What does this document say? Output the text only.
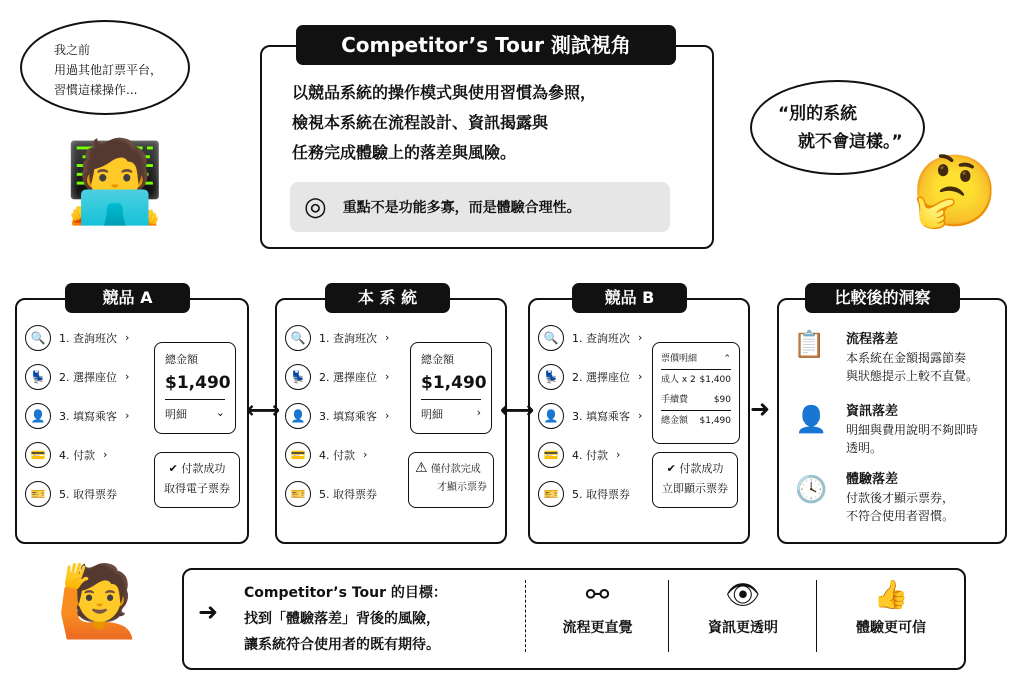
我之前
用過其他訂票平台，
習慣這樣操作...
🧑‍💻
Competitor’s Tour 測試視角
以競品系統的操作模式與使用習慣為參照，
檢視本系統在流程設計、資訊揭露與
任務完成體驗上的落差與風險。
◎ 重點不是功能多寡，而是體驗合理性。
“別的系統
就不會這樣。”
🤔
競品 A	本 系 統	競品 B	比較後的洞察
🔍	1. 查詢班次 ›
💺	2. 選擇座位 ›
👤	3. 填寫乘客 ›
💳	4. 付款 ›
🎫	5. 取得票券
🔍	1. 查詢班次 ›
💺	2. 選擇座位 ›
👤	3. 填寫乘客 ›
💳	4. 付款 ›
🎫	5. 取得票券
🔍	1. 查詢班次 ›
💺	2. 選擇座位 ›
👤	3. 填寫乘客 ›
💳	4. 付款 ›
🎫	5. 取得票券
總金額
$1,490
明細	⌄
✔ 付款成功
取得電子票券
總金額
$1,490
明細	›
⚠ 僅付款完成
才顯示票券
票價明細	⌃
成人 x 2 $1,400
手續費	$90
總金額 $1,490
✔ 付款成功
立即顯示票券
⟷	⟷	➜
📋 流程落差
本系統在金額揭露節奏
與狀態提示上較不直覺。
👤 資訊落差
明細與費用說明不夠即時
透明。
🕓 體驗落差
付款後才顯示票券，
不符合使用者習慣。
🙋	➜
Competitor’s Tour 的目標：
找到「體驗落差」背後的風險，
讓系統符合使用者的既有期待。
⚯
流程更直覺
👁
資訊更透明
👍
體驗更可信
